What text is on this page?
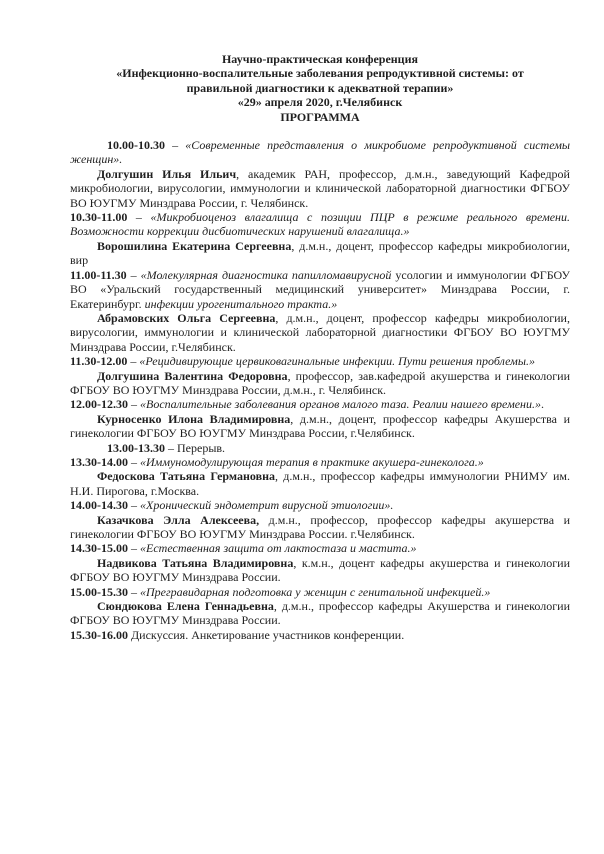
Научно-практическая конференция

«Инфекционно-воспалительные заболевания репродуктивной системы: от

правильной диагностики к адекватной терапии»

«29» апреля 2020, г.Челябинск

ПРОГРАММА

10.00-10.30 – «Современные представления о микробиоме репродуктивной системы женщин».

Долгушин Илья Ильич, академик РАН, профессор, д.м.н., заведующий Кафедрой микробиологии, вирусологии, иммунологии и клинической лабораторной диагностики ФГБОУ ВО ЮУГМУ Минздрава России, г. Челябинск.

10.30-11.00 – «Микробиоценоз влагалища с позиции ПЦР в режиме реального времени. Возможности коррекции дисбиотических нарушений влагалища.»

Ворошилина Екатерина Сергеевна, д.м.н., доцент, профессор кафедры микробиологии, вир

11.00-11.30 – «Молекулярная диагностика папилломавирусной усологии и иммунологии ФГБОУ ВО «Уральский государственный медицинский университет» Минздрава России, г. Екатеринбург. инфекции урогенитального тракта.»

Абрамовских Ольга Сергеевна, д.м.н., доцент, профессор кафедры микробиологии, вирусологии, иммунологии и клинической лабораторной диагностики ФГБОУ ВО ЮУГМУ Минздрава России, г.Челябинск.

11.30-12.00 – «Рецидивирующие цервиковагинальные инфекции. Пути решения проблемы.»

Долгушина Валентина Федоровна, профессор, зав.кафедрой акушерства и гинекологии ФГБОУ ВО ЮУГМУ Минздрава России, д.м.н., г. Челябинск.

12.00-12.30 – «Воспалительные заболевания органов малого таза. Реалии нашего времени.».

Курносенко Илона Владимировна, д.м.н., доцент, профессор кафедры Акушерства и гинекологии ФГБОУ ВО ЮУГМУ Минздрава России, г.Челябинск.

13.00-13.30 – Перерыв.

13.30-14.00 – «Иммуномодулирующая терапия в практике акушера-гинеколога.»

Федоскова Татьяна Германовна, д.м.н., профессор кафедры иммунологии РНИМУ им. Н.И. Пирогова, г.Москва.

14.00-14.30 – «Хронический эндометрит вирусной этиологии».

Казачкова Элла Алексеева, д.м.н., профессор, профессор кафедры акушерства и гинекологии ФГБОУ ВО ЮУГМУ Минздрава России. г.Челябинск.

14.30-15.00 – «Естественная защита от лактостаза и мастита.»

Надвикова Татьяна Владимировна, к.м.н., доцент кафедры акушерства и гинекологии ФГБОУ ВО ЮУГМУ Минздрава России.

15.00-15.30 – «Прегравидарная подготовка у женщин с генитальной инфекцией.»

Сюндюкова Елена Геннадьевна, д.м.н., профессор кафедры Акушерства и гинекологии ФГБОУ ВО ЮУГМУ Минздрава России.

15.30-16.00 Дискуссия. Анкетирование участников конференции.
